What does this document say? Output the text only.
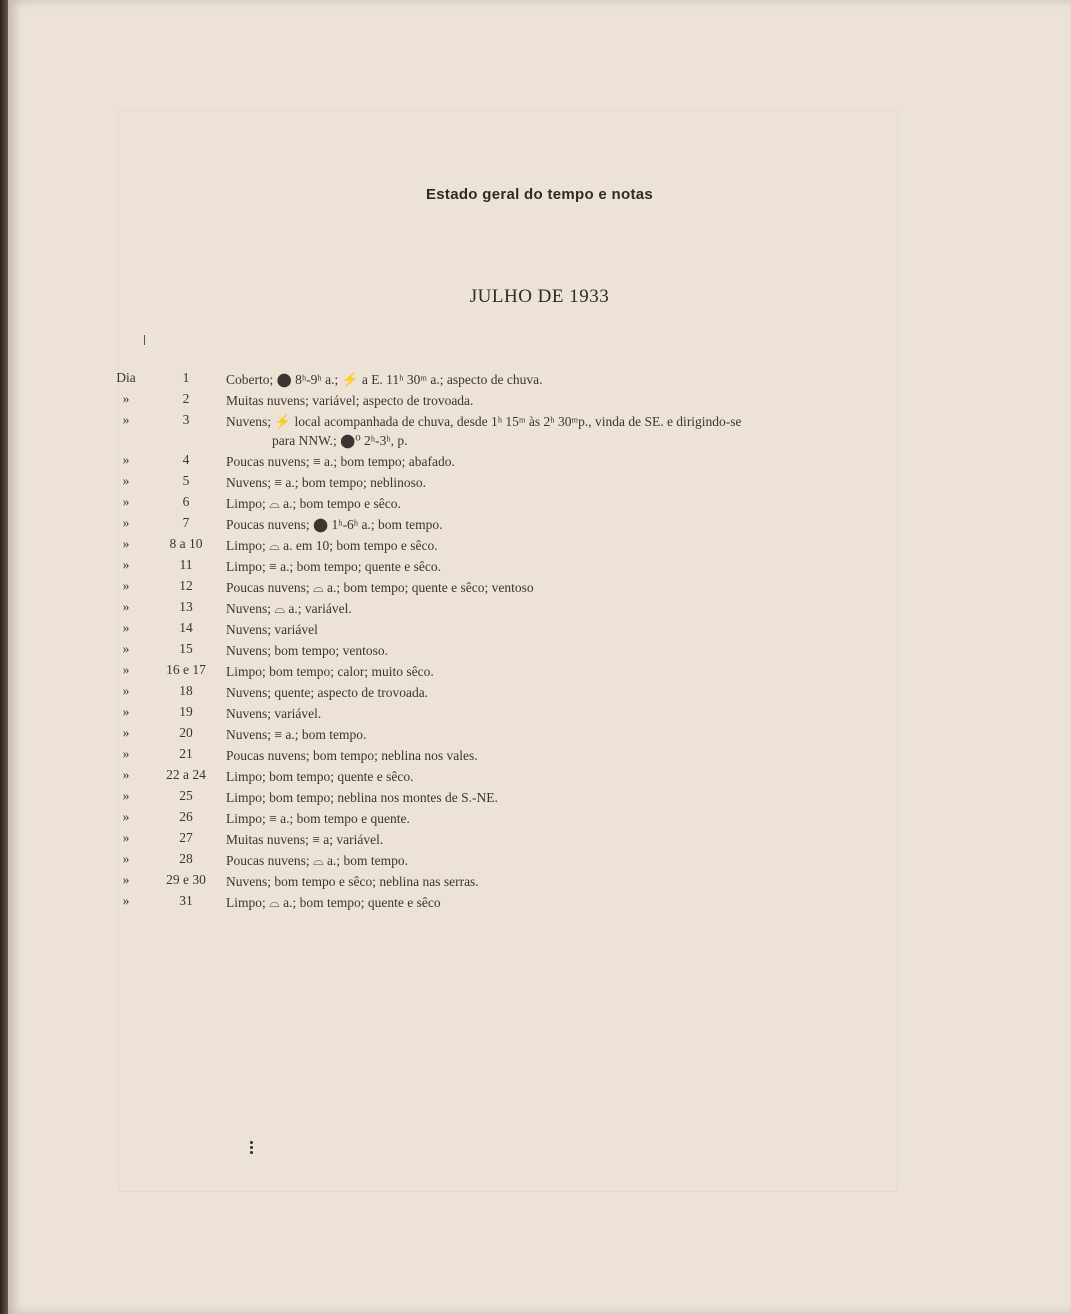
Estado geral do tempo e notas
JULHO DE 1933
Dia	1	Coberto; ⬤ 8ʰ-9ʰ a.; ⚡ a E. 11ʰ 30ᵐ a.; aspecto de chuva.
»	2	Muitas nuvens; variável; aspecto de trovoada.
»	3	Nuvens; ⚡ local acompanhada de chuva, desde 1ʰ 15ᵐ às 2ʰ 30ᵐp., vinda de SE. e dirigindo-se
para NNW.; ⬤⁰ 2ʰ-3ʰ, p.
»	4	Poucas nuvens; ≡ a.; bom tempo; abafado.
»	5	Nuvens; ≡ a.; bom tempo; neblinoso.
»	6	Limpo; ⌓ a.; bom tempo e sêco.
»	7	Poucas nuvens; ⬤ 1ʰ-6ʰ a.; bom tempo.
»	8 a 10	Limpo; ⌓ a. em 10; bom tempo e sêco.
»	11	Limpo; ≡ a.; bom tempo; quente e sêco.
»	12	Poucas nuvens; ⌓ a.; bom tempo; quente e sêco; ventoso
»	13	Nuvens; ⌓ a.; variável.
»	14	Nuvens; variável
»	15	Nuvens; bom tempo; ventoso.
»	16 e 17	Limpo; bom tempo; calor; muito sêco.
»	18	Nuvens; quente; aspecto de trovoada.
»	19	Nuvens; variável.
»	20	Nuvens; ≡ a.; bom tempo.
»	21	Poucas nuvens; bom tempo; neblina nos vales.
»	22 a 24	Limpo; bom tempo; quente e sêco.
»	25	Limpo; bom tempo; neblina nos montes de S.-NE.
»	26	Limpo; ≡ a.; bom tempo e quente.
»	27	Muitas nuvens; ≡ a; variável.
»	28	Poucas nuvens; ⌓ a.; bom tempo.
»	29 e 30	Nuvens; bom tempo e sêco; neblina nas serras.
»	31	Limpo; ⌓ a.; bom tempo; quente e sêco
